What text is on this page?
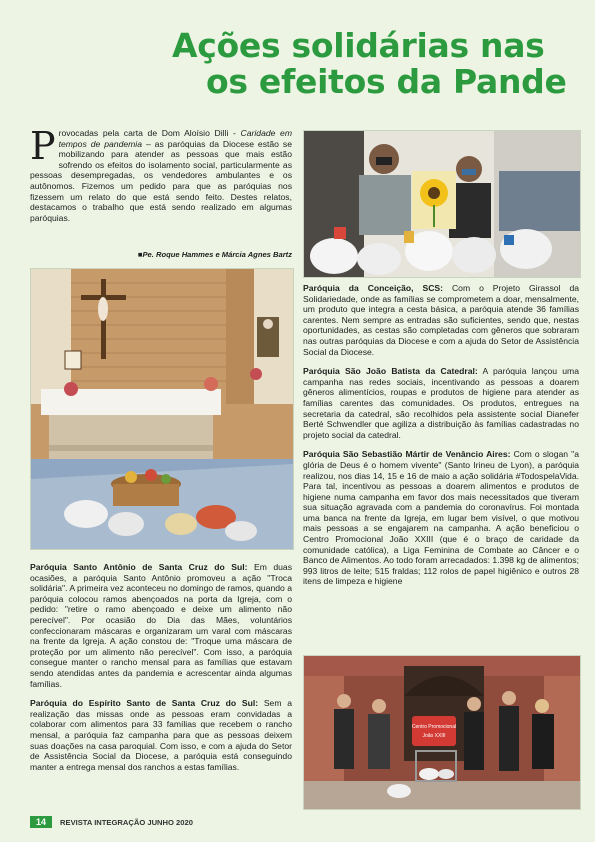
Ações solidárias nas
os efeitos da Pande
Provocadas pela carta de Dom Aloísio Dilli - Caridade em tempos de pandemia – as paróquias da Diocese estão se mobilizando para atender as pessoas que mais estão sofrendo os efeitos do isolamento social, particularmente as pessoas desempregadas, os vendedores ambulantes e os autônomos. Fizemos um pedido para que as paróquias nos fizessem um relato do que está sendo feito. Destes relatos, destacamos o trabalho que está sendo realizado em algumas paróquias.
■Pe. Roque Hammes e Márcia Agnes Bartz

Paróquia Santo Antônio de Santa Cruz do Sul: Em duas ocasiões, a paróquia Santo Antônio promoveu a ação "Troca solidária". A primeira vez aconteceu no domingo de ramos, quando a paróquia colocou ramos abençoados na porta da Igreja, com o pedido: "retire o ramo abençoado e deixe um alimento não perecível". Por ocasião do Dia das Mães, voluntários confeccionaram máscaras e organizaram um varal com máscaras na frente da Igreja. A ação constou de: "Troque uma máscara de proteção por um alimento não perecível". Com isso, a paróquia consegue manter o rancho mensal para as famílias que estavam sendo atendidas antes da pandemia e acrescentar ainda algumas famílias.

Paróquia do Espírito Santo de Santa Cruz do Sul: Sem a realização das missas onde as pessoas eram convidadas a colaborar com alimentos para 33 famílias que recebem o rancho mensal, a paróquia faz campanha para que as pessoas deixem suas doações na casa paroquial. Com isso, e com a ajuda do Setor de Assistência Social da Diocese, a paróquia está conseguindo manter a entrega mensal dos ranchos a estas famílias.

Paróquia da Conceição, SCS: Com o Projeto Girassol da Solidariedade, onde as famílias se comprometem a doar, mensalmente, um produto que integra a cesta básica, a paróquia atende 36 famílias carentes. Nem sempre as entradas são suficientes, sendo que, nestas oportunidades, as cestas são completadas com gêneros que sobraram nas outras paróquias da Diocese e com a ajuda do Setor de Assistência Social da Diocese.

Paróquia São João Batista da Catedral: A paróquia lançou uma campanha nas redes sociais, incentivando as pessoas a doarem gêneros alimentícios, roupas e produtos de higiene para atender as famílias carentes das comunidades. Os produtos, entregues na secretaria da catedral, são recolhidos pela assistente social Dianefer Berté Schwendler que agiliza a distribuição às famílias cadastradas no projeto social da catedral.

Paróquia São Sebastião Mártir de Venâncio Aires: Com o slogan "a glória de Deus é o homem vivente" (Santo Irineu de Lyon), a paróquia realizou, nos dias 14, 15 e 16 de maio a ação solidária #TodospelaVida. Para tal, incentivou as pessoas a doarem alimentos e produtos de higiene numa campanha em favor dos mais necessitados que tiveram sua situação agravada com a pandemia do coronavírus. Foi montada uma banca na frente da Igreja, em lugar bem visível, o que motivou mais pessoas a se engajarem na campanha. A ação beneficiou o Centro Promocional João XXIII (que é o braço de caridade da comunidade católica), a Liga Feminina de Combate ao Câncer e o Banco de Alimentos. Ao todo foram arrecadados: 1.398 kg de alimentos; 993 litros de leite; 515 fraldas; 112 rolos de papel higiênico e outros 28 itens de limpeza e higiene

Centro Promocional
João XXIII
14	REVISTA INTEGRAÇÃO JUNHO 2020
